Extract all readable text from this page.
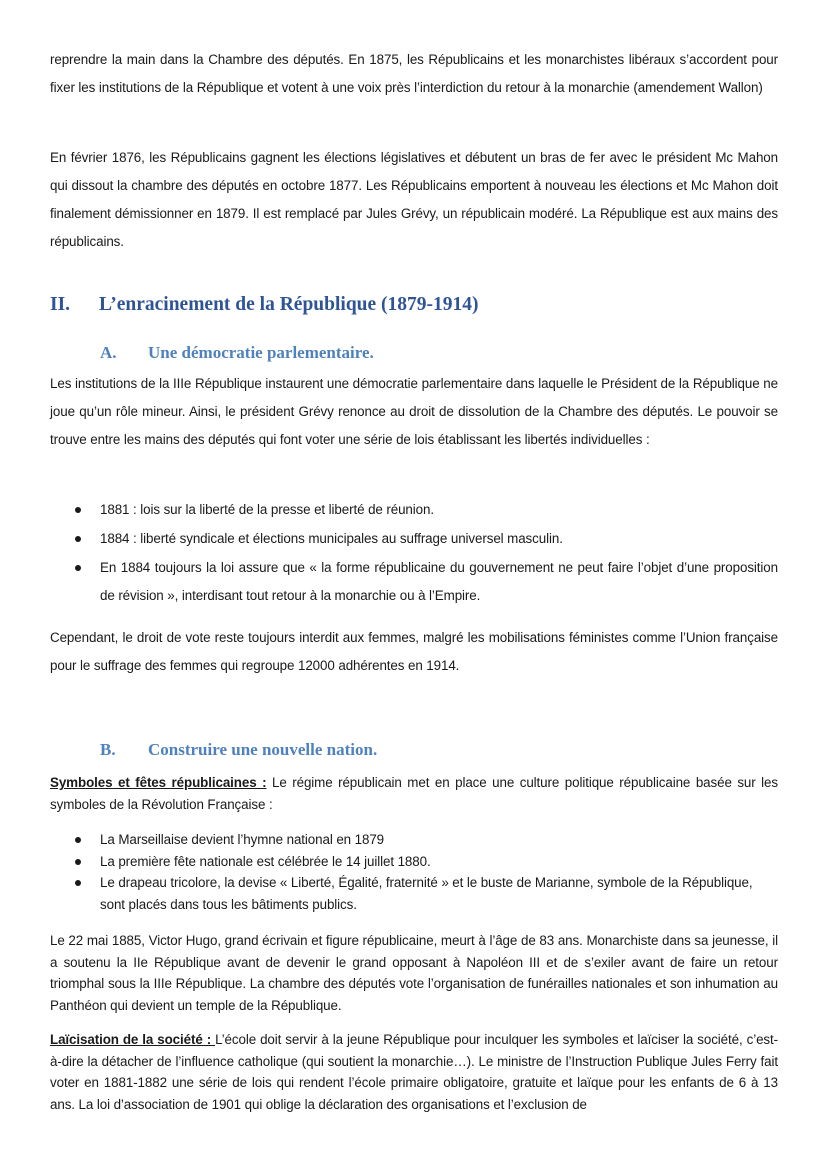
reprendre la main dans la Chambre des députés. En 1875, les Républicains et les monarchistes libéraux s’accordent pour fixer les institutions de la République et votent à une voix près l’interdiction du retour à la monarchie (amendement Wallon)

En février 1876, les Républicains gagnent les élections législatives et débutent un bras de fer avec le président Mc Mahon qui dissout la chambre des députés en octobre 1877. Les Républicains emportent à nouveau les élections et Mc Mahon doit finalement démissionner en 1879. Il est remplacé par Jules Grévy, un républicain modéré. La République est aux mains des républicains.

II. L’enracinement de la République (1879-1914)
A. Une démocratie parlementaire.

Les institutions de la IIIe République instaurent une démocratie parlementaire dans laquelle le Président de la République ne joue qu’un rôle mineur. Ainsi, le président Grévy renonce au droit de dissolution de la Chambre des députés. Le pouvoir se trouve entre les mains des députés qui font voter une série de lois établissant les libertés individuelles :

1881 : lois sur la liberté de la presse et liberté de réunion.
1884 : liberté syndicale et élections municipales au suffrage universel masculin.
En 1884 toujours la loi assure que « la forme républicaine du gouvernement ne peut faire l’objet d’une proposition de révision », interdisant tout retour à la monarchie ou à l’Empire.

Cependant, le droit de vote reste toujours interdit aux femmes, malgré les mobilisations féministes comme l’Union française pour le suffrage des femmes qui regroupe 12000 adhérentes en 1914.

B. Construire une nouvelle nation.

Symboles et fêtes républicaines : Le régime républicain met en place une culture politique républicaine basée sur les symboles de la Révolution Française :

La Marseillaise devient l’hymne national en 1879
La première fête nationale est célébrée le 14 juillet 1880.
Le drapeau tricolore, la devise « Liberté, Égalité, fraternité » et le buste de Marianne, symbole de la République, sont placés dans tous les bâtiments publics.

Le 22 mai 1885, Victor Hugo, grand écrivain et figure républicaine, meurt à l’âge de 83 ans. Monarchiste dans sa jeunesse, il a soutenu la IIe République avant de devenir le grand opposant à Napoléon III et de s’exiler avant de faire un retour triomphal sous la IIIe République. La chambre des députés vote l’organisation de funérailles nationales et son inhumation au Panthéon qui devient un temple de la République.

Laïcisation de la société : L’école doit servir à la jeune République pour inculquer les symboles et laïciser la société, c’est-à-dire la détacher de l’influence catholique (qui soutient la monarchie…). Le ministre de l’Instruction Publique Jules Ferry fait voter en 1881-1882 une série de lois qui rendent l’école primaire obligatoire, gratuite et laïque pour les enfants de 6 à 13 ans. La loi d’association de 1901 qui oblige la déclaration des organisations et l’exclusion de
